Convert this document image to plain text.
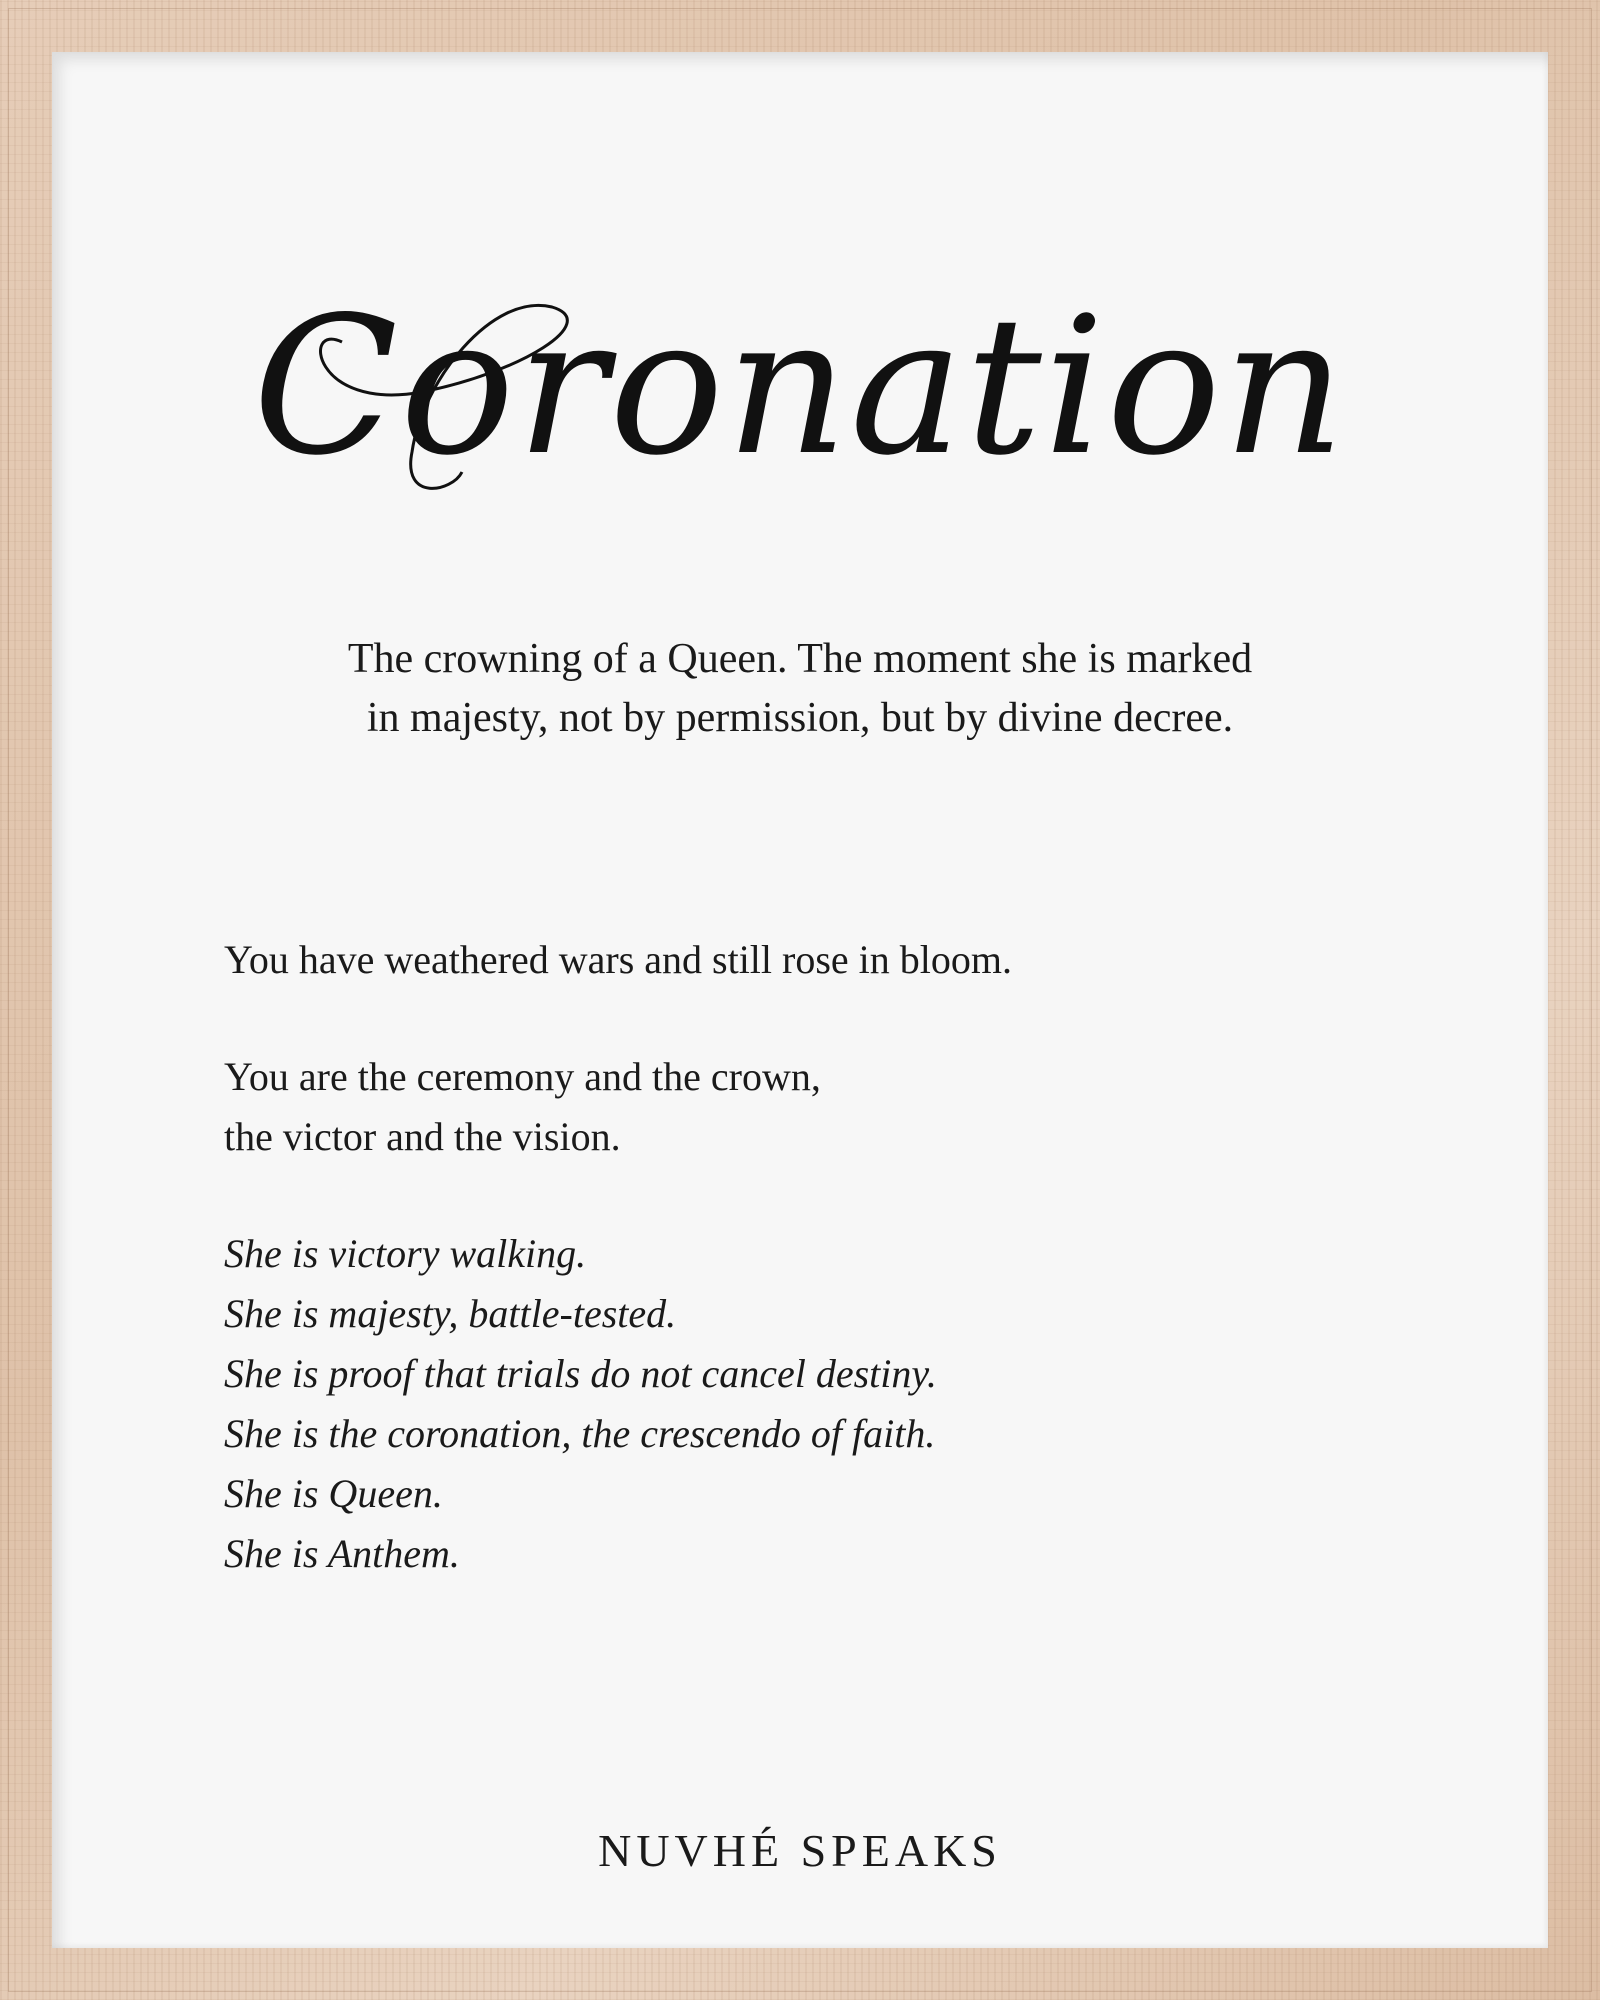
Coronation
The crowning of a Queen. The moment she is marked
in majesty, not by permission, but by divine decree.
You have weathered wars and still rose in bloom.
You are the ceremony and the crown,
the victor and the vision.
She is victory walking.
She is majesty, battle-tested.
She is proof that trials do not cancel destiny.
She is the coronation, the crescendo of faith.
She is Queen.
She is Anthem.
NUVHÉ SPEAKS
